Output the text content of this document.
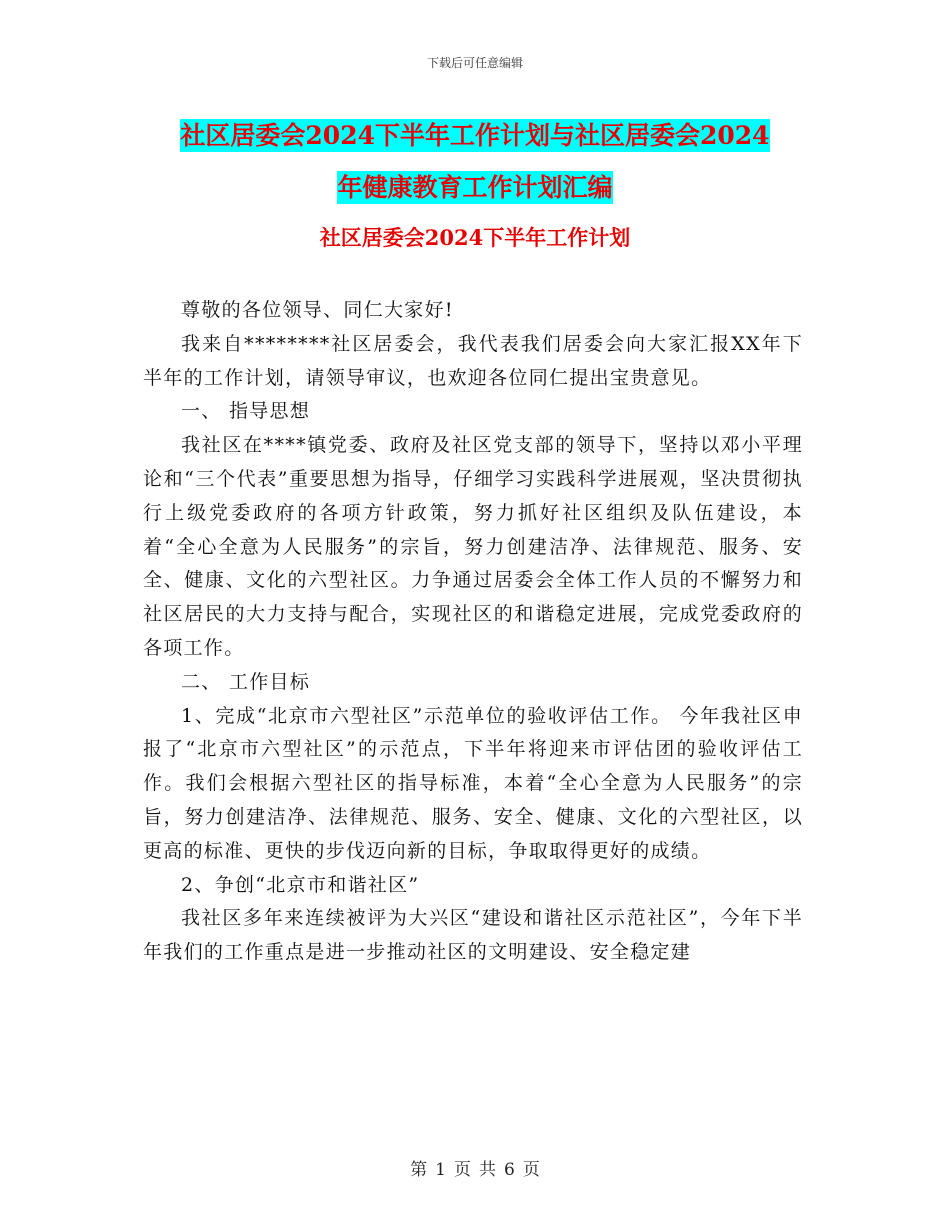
下载后可任意编辑
社区居委会2024下半年工作计划与社区居委会2024
年健康教育工作计划汇编
社区居委会2024下半年工作计划

尊敬的各位领导、同仁大家好!

我来自********社区居委会，我代表我们居委会向大家汇报XX年下半年的工作计划，请领导审议，也欢迎各位同仁提出宝贵意见。

一、 指导思想

我社区在****镇党委、政府及社区党支部的领导下，坚持以邓小平理论和“三个代表”重要思想为指导，仔细学习实践科学进展观，坚决贯彻执行上级党委政府的各项方针政策，努力抓好社区组织及队伍建设，本着“全心全意为人民服务”的宗旨，努力创建洁净、法律规范、服务、安全、健康、文化的六型社区。力争通过居委会全体工作人员的不懈努力和社区居民的大力支持与配合，实现社区的和谐稳定进展，完成党委政府的各项工作。

二、 工作目标

1、完成“北京市六型社区”示范单位的验收评估工作。 今年我社区申报了“北京市六型社区”的示范点，下半年将迎来市评估团的验收评估工作。我们会根据六型社区的指导标准，本着“全心全意为人民服务”的宗旨，努力创建洁净、法律规范、服务、安全、健康、文化的六型社区，以更高的标准、更快的步伐迈向新的目标，争取取得更好的成绩。

2、争创“北京市和谐社区”

我社区多年来连续被评为大兴区“建设和谐社区示范社区”，今年下半年我们的工作重点是进一步推动社区的文明建设、安全稳定建

第 1 页 共 6 页
